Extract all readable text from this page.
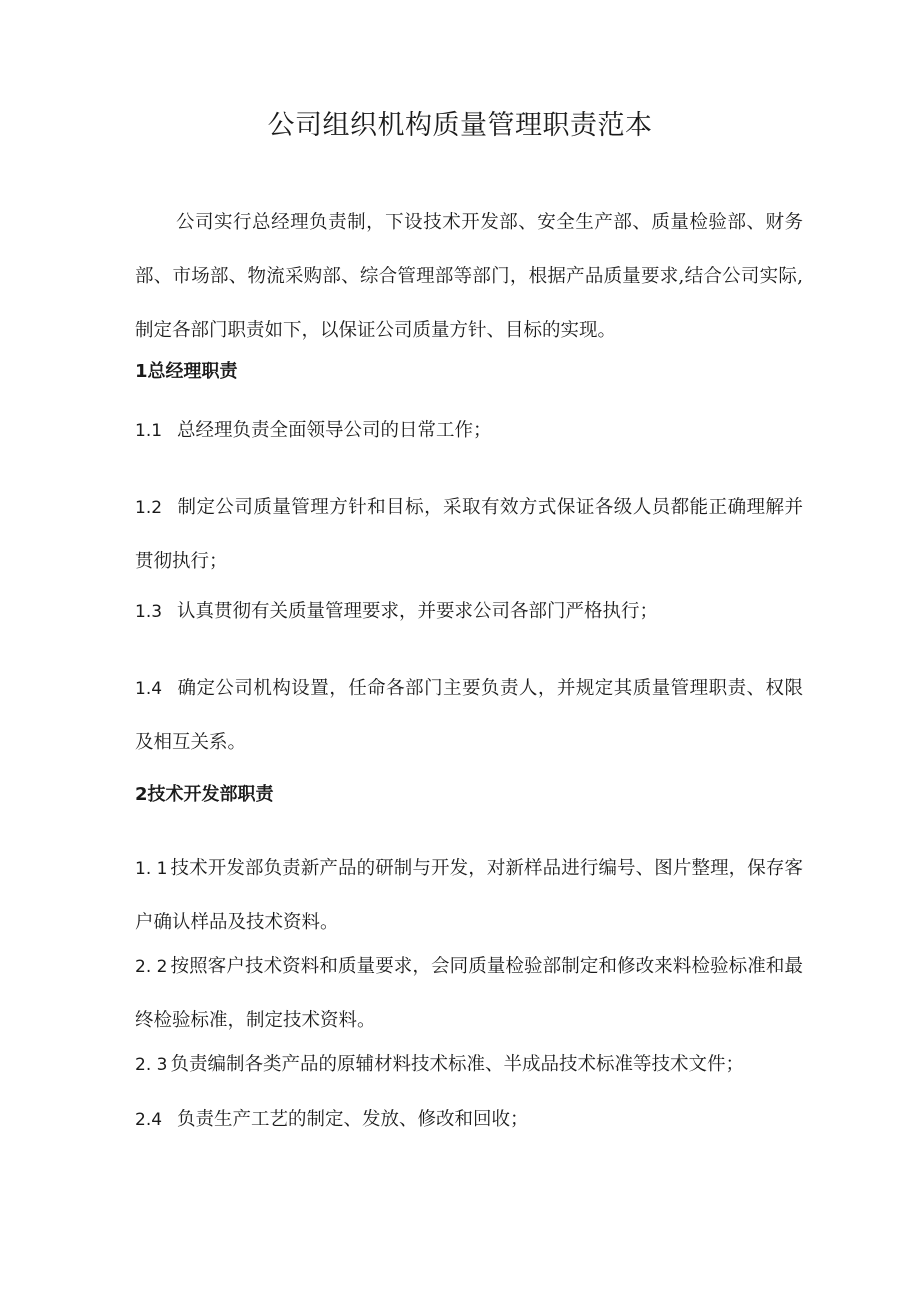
公司组织机构质量管理职责范本

公司实行总经理负责制，下设技术开发部、安全生产部、质量检验部、财务部、市场部、物流采购部、综合管理部等部门，根据产品质量要求,结合公司实际,制定各部门职责如下，以保证公司质量方针、目标的实现。

1总经理职责

1.1 总经理负责全面领导公司的日常工作；

1.2 制定公司质量管理方针和目标，采取有效方式保证各级人员都能正确理解并贯彻执行；

1.3 认真贯彻有关质量管理要求，并要求公司各部门严格执行；

1.4 确定公司机构设置，任命各部门主要负责人，并规定其质量管理职责、权限及相互关系。

2技术开发部职责

1. 1 技术开发部负责新产品的研制与开发，对新样品进行编号、图片整理，保存客户确认样品及技术资料。

2. 2 按照客户技术资料和质量要求，会同质量检验部制定和修改来料检验标准和最终检验标准，制定技术资料。

2. 3 负责编制各类产品的原辅材料技术标准、半成品技术标准等技术文件；

2.4 负责生产工艺的制定、发放、修改和回收；
